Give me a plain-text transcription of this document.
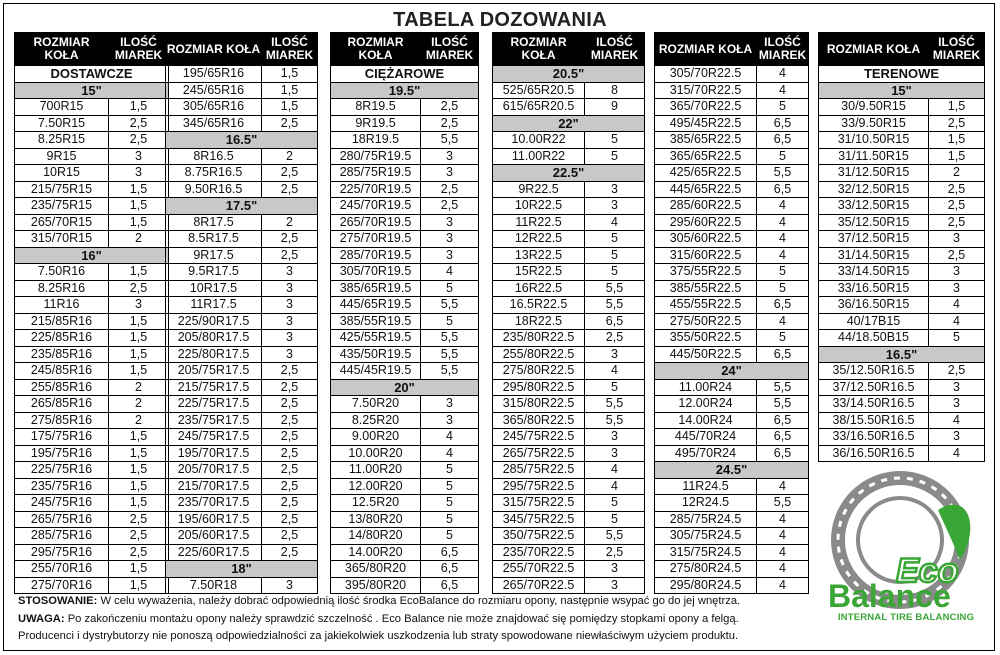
TABELA DOZOWANIA
ROZMIAR KOŁA	ILOŚĆ MIAREK
DOSTAWCZE	
15"	
700R15	1,5
7.50R15	2,5
8.25R15	2,5
9R15	3
10R15	3
215/75R15	1,5
235/75R15	1,5
265/70R15	1,5
315/70R15	2
16"	
7.50R16	1,5
8.25R16	2,5
11R16	3
215/85R16	1,5
225/85R16	1,5
235/85R16	1,5
245/85R16	1,5
255/85R16	2
265/85R16	2
275/85R16	2
175/75R16	1,5
195/75R16	1,5
225/75R16	1,5
235/75R16	1,5
245/75R16	1,5
265/75R16	2,5
285/75R16	2,5
295/75R16	2,5
255/70R16	1,5
275/70R16	1,5
ROZMIAR KOŁA	ILOŚĆ MIAREK
195/65R16	1,5
245/65R16	1,5
305/65R16	1,5
345/65R16	2,5
16.5"	
8R16.5	2
8.75R16.5	2,5
9.50R16.5	2,5
17.5"	
8R17.5	2
8.5R17.5	2,5
9R17.5	2,5
9.5R17.5	3
10R17.5	3
11R17.5	3
225/90R17.5	3
205/80R17.5	3
225/80R17.5	3
205/75R17.5	2,5
215/75R17.5	2,5
225/75R17.5	2,5
235/75R17.5	2,5
245/75R17.5	2,5
195/70R17.5	2,5
205/70R17.5	2,5
215/70R17.5	2,5
235/70R17.5	2,5
195/60R17.5	2,5
205/60R17.5	2,5
225/60R17.5	2,5
18"	
7.50R18	3
ROZMIAR KOŁA	ILOŚĆ MIAREK
CIĘŻAROWE	
19.5"	
8R19.5	2,5
9R19.5	2,5
18R19.5	5,5
280/75R19.5	3
285/75R19.5	3
225/70R19.5	2,5
245/70R19.5	2,5
265/70R19.5	3
275/70R19.5	3
285/70R19.5	3
305/70R19.5	4
385/65R19.5	5
445/65R19.5	5,5
385/55R19.5	5
425/55R19.5	5,5
435/50R19.5	5,5
445/45R19.5	5,5
20"	
7.50R20	3
8.25R20	3
9.00R20	4
10.00R20	4
11.00R20	5
12.00R20	5
12.5R20	5
13/80R20	5
14/80R20	5
14.00R20	6,5
365/80R20	6,5
395/80R20	6,5
ROZMIAR KOŁA	ILOŚĆ MIAREK
20.5"	
525/65R20.5	8
615/65R20.5	9
22"	
10.00R22	5
11.00R22	5
22.5"	
9R22.5	3
10R22.5	3
11R22.5	4
12R22.5	5
13R22.5	5
15R22.5	5
16R22.5	5,5
16.5R22.5	5,5
18R22.5	6,5
235/80R22.5	2,5
255/80R22.5	3
275/80R22.5	4
295/80R22.5	5
315/80R22.5	5,5
365/80R22.5	5,5
245/75R22.5	3
265/75R22.5	3
285/75R22.5	4
295/75R22.5	4
315/75R22.5	5
345/75R22.5	5
350/75R22.5	5,5
235/70R22.5	2,5
255/70R22.5	3
265/70R22.5	3
ROZMIAR KOŁA	ILOŚĆ MIAREK
305/70R22.5	4
315/70R22.5	4
365/70R22.5	5
495/45R22.5	6,5
385/65R22.5	6,5
365/65R22.5	5
425/65R22.5	5,5
445/65R22.5	6,5
285/60R22.5	4
295/60R22.5	4
305/60R22.5	4
315/60R22.5	4
375/55R22.5	5
385/55R22.5	5
455/55R22.5	6,5
275/50R22.5	4
355/50R22.5	5
445/50R22.5	6,5
24"	
11.00R24	5,5
12.00R24	5,5
14.00R24	6,5
445/70R24	6,5
495/70R24	6,5
24.5"	
11R24.5	4
12R24.5	5,5
285/75R24.5	4
305/75R24.5	4
315/75R24.5	4
275/80R24.5	4
295/80R24.5	4
ROZMIAR KOŁA	ILOŚĆ MIAREK
TERENOWE	
15"	
30/9.50R15	1,5
33/9.50R15	2,5
31/10.50R15	1,5
31/11.50R15	1,5
31/12.50R15	2
32/12.50R15	2,5
33/12.50R15	2,5
35/12.50R15	2,5
37/12.50R15	3
31/14.50R15	2,5
33/14.50R15	3
33/16.50R15	3
36/16.50R15	4
40/17B15	4
44/18.50B15	5
16.5"	
35/12.50R16.5	2,5
37/12.50R16.5	3
33/14.50R16.5	3
38/15.50R16.5	4
33/16.50R16.5	3
36/16.50R16.5	4
STOSOWANIE: W celu wyważenia, należy dobrać odpowiednią ilość środka EcoBalance do rozmiaru opony, następnie wsypać go do jej wnętrza.
UWAGA: Po zakończeniu montażu opony należy sprawdzić szczelność . Eco Balance nie może znajdować się pomiędzy stopkami opony a felgą.
Producenci i dystrybutorzy nie ponoszą odpowiedzialności za jakiekolwiek uszkodzenia lub straty spowodowane niewłaściwym użyciem produktu.
Eco
Balance
INTERNAL TIRE BALANCING
